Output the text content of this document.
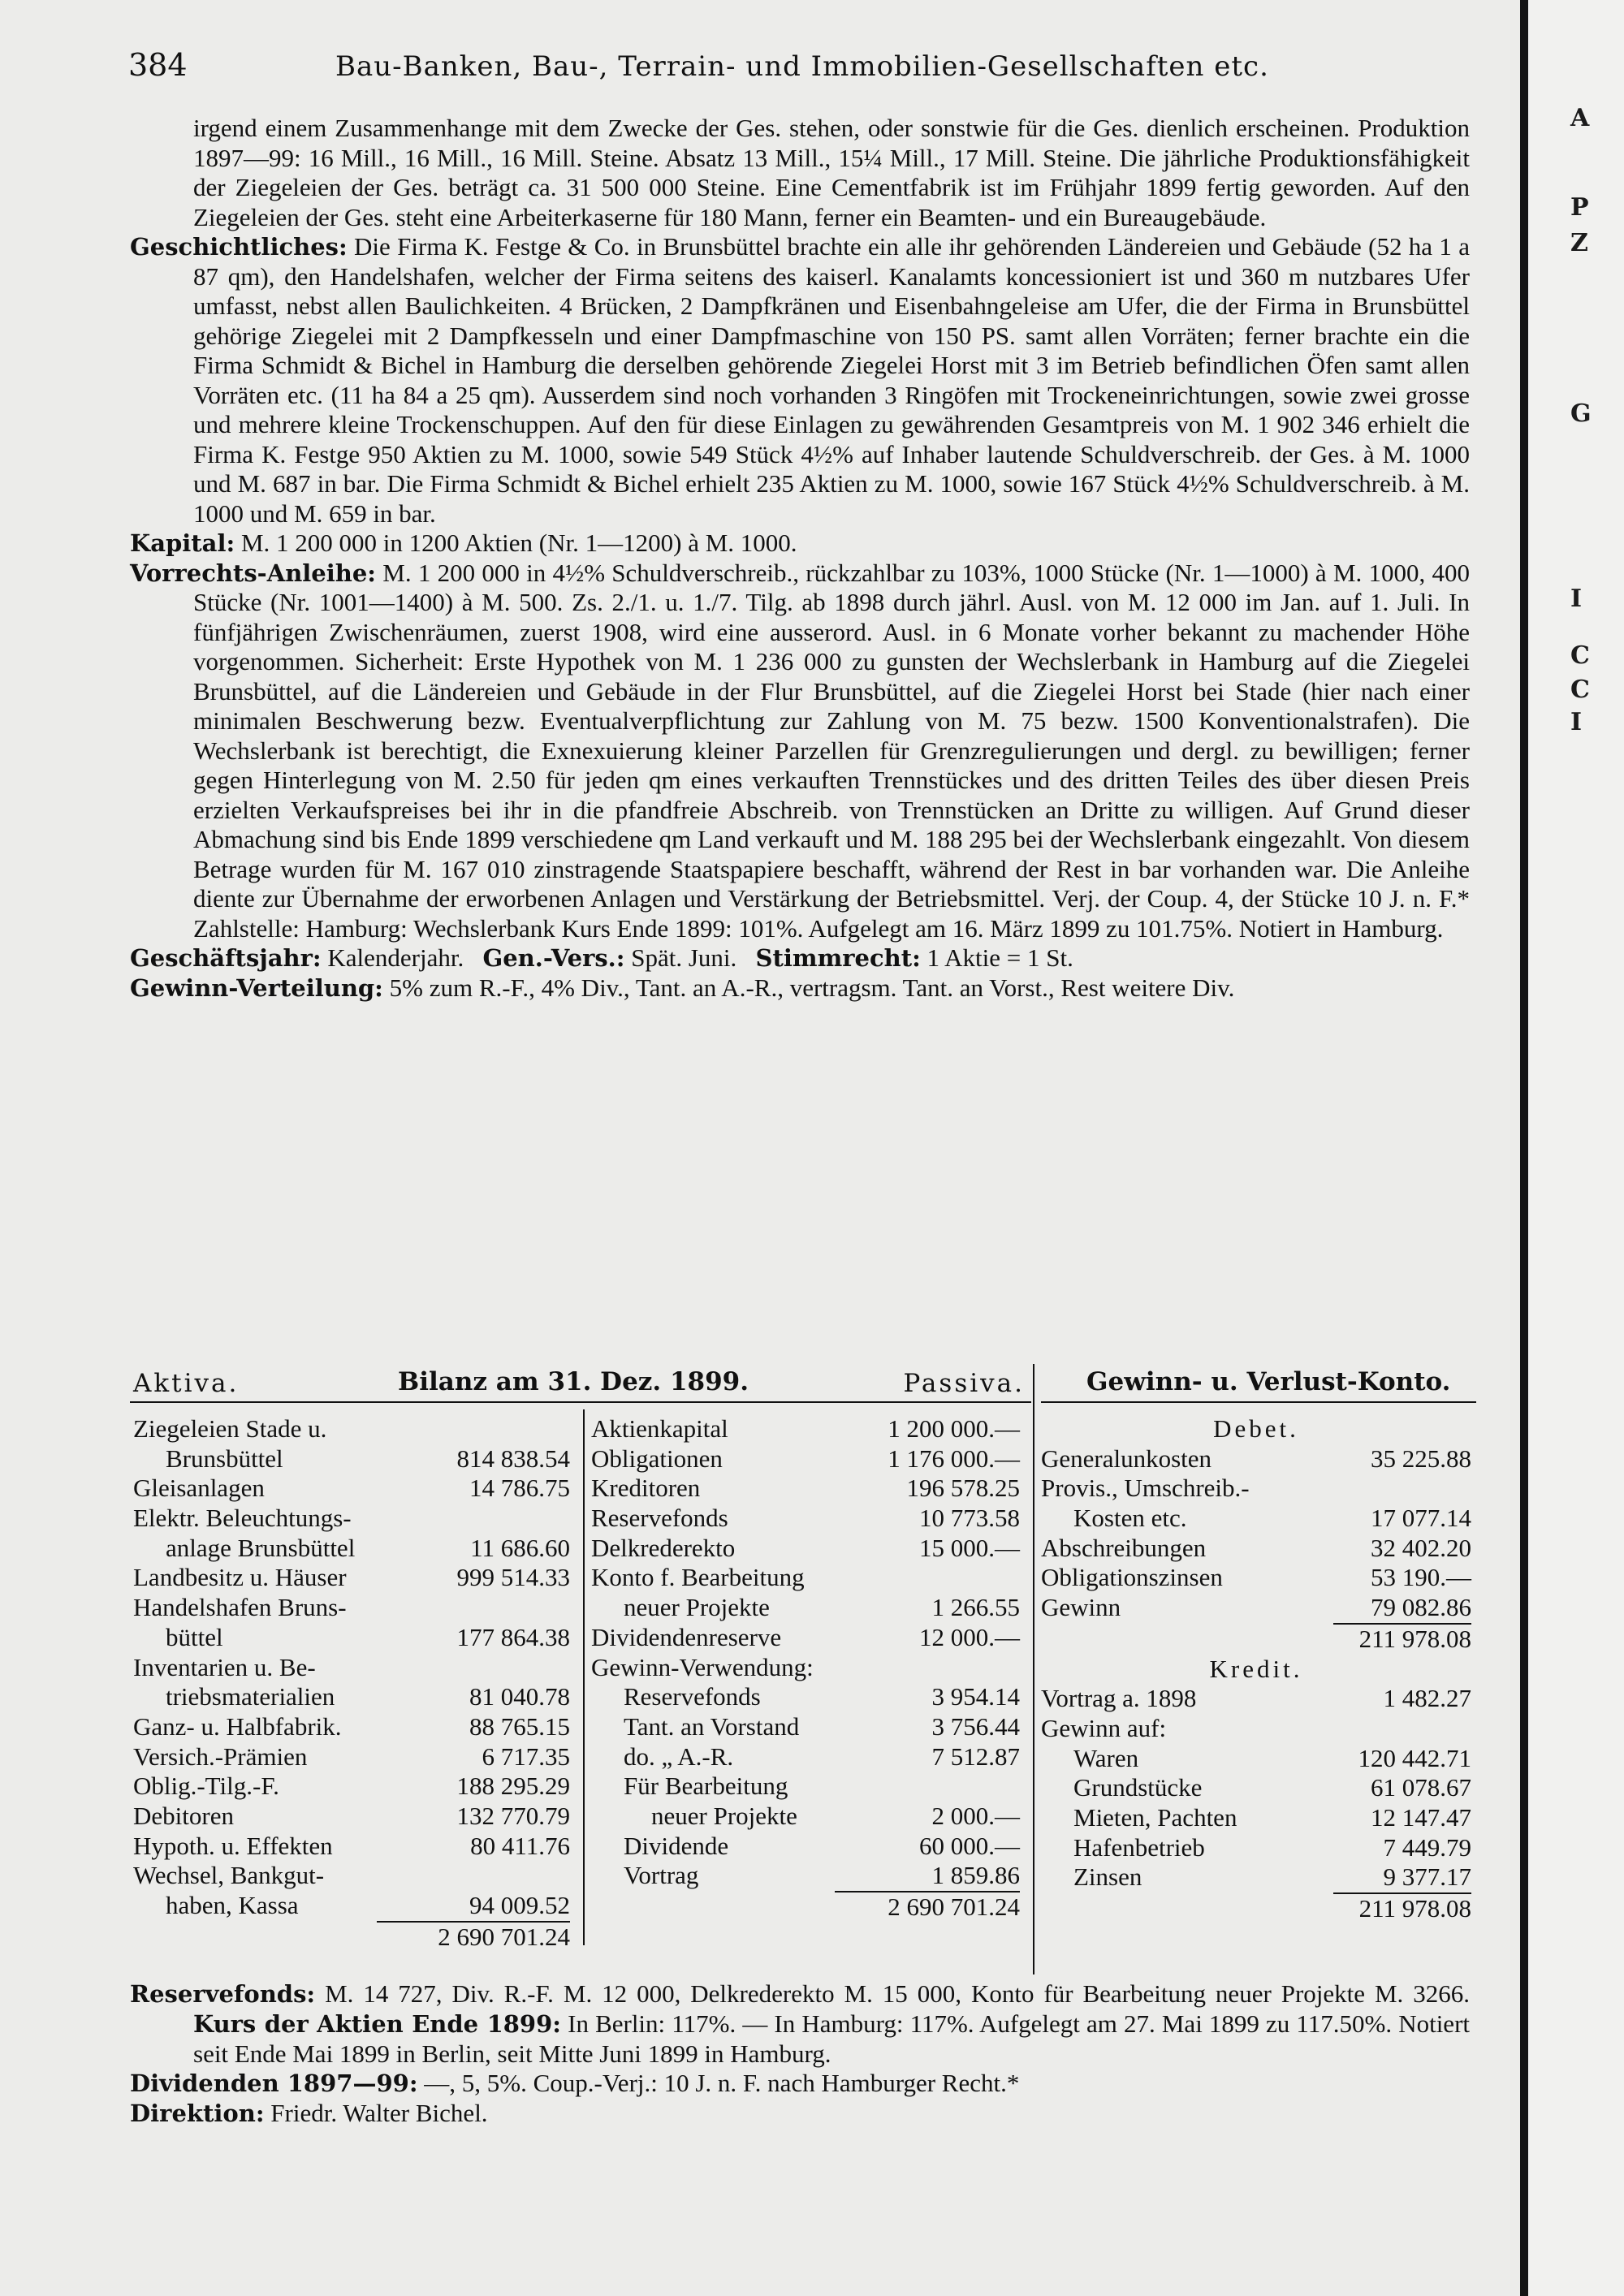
384	Bau-Banken, Bau-, Terrain- und Immobilien-Gesellschaften etc.

irgend einem Zusammenhange mit dem Zwecke der Ges. stehen, oder sonstwie für die Ges. dienlich erscheinen. Produktion 1897—99: 16 Mill., 16 Mill., 16 Mill. Steine. Absatz 13 Mill., 15¼ Mill., 17 Mill. Steine. Die jährliche Produktionsfähigkeit der Ziegeleien der Ges. beträgt ca. 31 500 000 Steine. Eine Cementfabrik ist im Frühjahr 1899 fertig geworden. Auf den Ziegeleien der Ges. steht eine Arbeiterkaserne für 180 Mann, ferner ein Beamten- und ein Bureaugebäude.

Geschichtliches: Die Firma K. Festge & Co. in Brunsbüttel brachte ein alle ihr gehörenden Ländereien und Gebäude (52 ha 1 a 87 qm), den Handelshafen, welcher der Firma seitens des kaiserl. Kanalamts koncessioniert ist und 360 m nutzbares Ufer umfasst, nebst allen Baulichkeiten. 4 Brücken, 2 Dampfkränen und Eisenbahngeleise am Ufer, die der Firma in Brunsbüttel gehörige Ziegelei mit 2 Dampfkesseln und einer Dampfmaschine von 150 PS. samt allen Vorräten; ferner brachte ein die Firma Schmidt & Bichel in Hamburg die derselben gehörende Ziegelei Horst mit 3 im Betrieb befindlichen Öfen samt allen Vorräten etc. (11 ha 84 a 25 qm). Ausserdem sind noch vorhanden 3 Ringöfen mit Trockeneinrichtungen, sowie zwei grosse und mehrere kleine Trockenschuppen. Auf den für diese Einlagen zu gewährenden Gesamtpreis von M. 1 902 346 erhielt die Firma K. Festge 950 Aktien zu M. 1000, sowie 549 Stück 4½% auf Inhaber lautende Schuldverschreib. der Ges. à M. 1000 und M. 687 in bar. Die Firma Schmidt & Bichel erhielt 235 Aktien zu M. 1000, sowie 167 Stück 4½% Schuldverschreib. à M. 1000 und M. 659 in bar.

Kapital: M. 1 200 000 in 1200 Aktien (Nr. 1—1200) à M. 1000.

Vorrechts-Anleihe: M. 1 200 000 in 4½% Schuldverschreib., rückzahlbar zu 103%, 1000 Stücke (Nr. 1—1000) à M. 1000, 400 Stücke (Nr. 1001—1400) à M. 500. Zs. 2./1. u. 1./7. Tilg. ab 1898 durch jährl. Ausl. von M. 12 000 im Jan. auf 1. Juli. In fünfjährigen Zwischenräumen, zuerst 1908, wird eine ausserord. Ausl. in 6 Monate vorher bekannt zu machender Höhe vorgenommen. Sicherheit: Erste Hypothek von M. 1 236 000 zu gunsten der Wechslerbank in Hamburg auf die Ziegelei Brunsbüttel, auf die Ländereien und Gebäude in der Flur Brunsbüttel, auf die Ziegelei Horst bei Stade (hier nach einer minimalen Beschwerung bezw. Eventualverpflichtung zur Zahlung von M. 75 bezw. 1500 Konventionalstrafen). Die Wechslerbank ist berechtigt, die Exnexuierung kleiner Parzellen für Grenzregulierungen und dergl. zu bewilligen; ferner gegen Hinterlegung von M. 2.50 für jeden qm eines verkauften Trennstückes und des dritten Teiles des über diesen Preis erzielten Verkaufspreises bei ihr in die pfandfreie Abschreib. von Trennstücken an Dritte zu willigen. Auf Grund dieser Abmachung sind bis Ende 1899 verschiedene qm Land verkauft und M. 188 295 bei der Wechslerbank eingezahlt. Von diesem Betrage wurden für M. 167 010 zinstragende Staatspapiere beschafft, während der Rest in bar vorhanden war. Die Anleihe diente zur Übernahme der erworbenen Anlagen und Verstärkung der Betriebsmittel. Verj. der Coup. 4, der Stücke 10 J. n. F.* Zahlstelle: Hamburg: Wechslerbank Kurs Ende 1899: 101%. Aufgelegt am 16. März 1899 zu 101.75%. Notiert in Hamburg.

Geschäftsjahr: Kalenderjahr. Gen.-Vers.: Spät. Juni. Stimmrecht: 1 Aktie = 1 St.

Gewinn-Verteilung: 5% zum R.-F., 4% Div., Tant. an A.-R., vertragsm. Tant. an Vorst., Rest weitere Div.

Aktiva.	Bilanz am 31. Dez. 1899.	Passiva. Gewinn- u. Verlust-Konto.
Ziegeleien Stade u.
Brunsbüttel	814 838.54
Gleisanlagen	14 786.75
Elektr. Beleuchtungs-
anlage Brunsbüttel	11 686.60
Landbesitz u. Häuser	999 514.33
Handelshafen Bruns-
büttel	177 864.38
Inventarien u. Be-
triebsmaterialien	81 040.78
Ganz- u. Halbfabrik.	88 765.15
Versich.-Prämien	6 717.35
Oblig.-Tilg.-F.	188 295.29
Debitoren	132 770.79
Hypoth. u. Effekten	80 411.76
Wechsel, Bankgut-
haben, Kassa	94 009.52
2 690 701.24
Aktienkapital	1 200 000.—
Obligationen	1 176 000.—
Kreditoren	196 578.25
Reservefonds	10 773.58
Delkrederekto	15 000.—
Konto f. Bearbeitung
neuer Projekte	1 266.55
Dividendenreserve	12 000.—
Gewinn-Verwendung:
Reservefonds	3 954.14
Tant. an Vorstand	3 756.44
do. „ A.-R.	7 512.87
Für Bearbeitung
neuer Projekte	2 000.—
Dividende	60 000.—
Vortrag	1 859.86
2 690 701.24
Debet.
Generalunkosten	35 225.88
Provis., Umschreib.-
Kosten etc.	17 077.14
Abschreibungen	32 402.20
Obligationszinsen	53 190.—
Gewinn	79 082.86
211 978.08
Kredit.
Vortrag a. 1898	1 482.27
Gewinn auf:
Waren	120 442.71
Grundstücke	61 078.67
Mieten, Pachten	12 147.47
Hafenbetrieb	7 449.79
Zinsen	9 377.17
211 978.08

Reservefonds: M. 14 727, Div. R.-F. M. 12 000, Delkrederekto M. 15 000, Konto für Bearbeitung neuer Projekte M. 3266. Kurs der Aktien Ende 1899: In Berlin: 117%. — In Hamburg: 117%. Aufgelegt am 27. Mai 1899 zu 117.50%. Notiert seit Ende Mai 1899 in Berlin, seit Mitte Juni 1899 in Hamburg.

Dividenden 1897—99: —, 5, 5%. Coup.-Verj.: 10 J. n. F. nach Hamburger Recht.*

Direktion: Friedr. Walter Bichel.

A
P
Z
G
I
C
C
I
